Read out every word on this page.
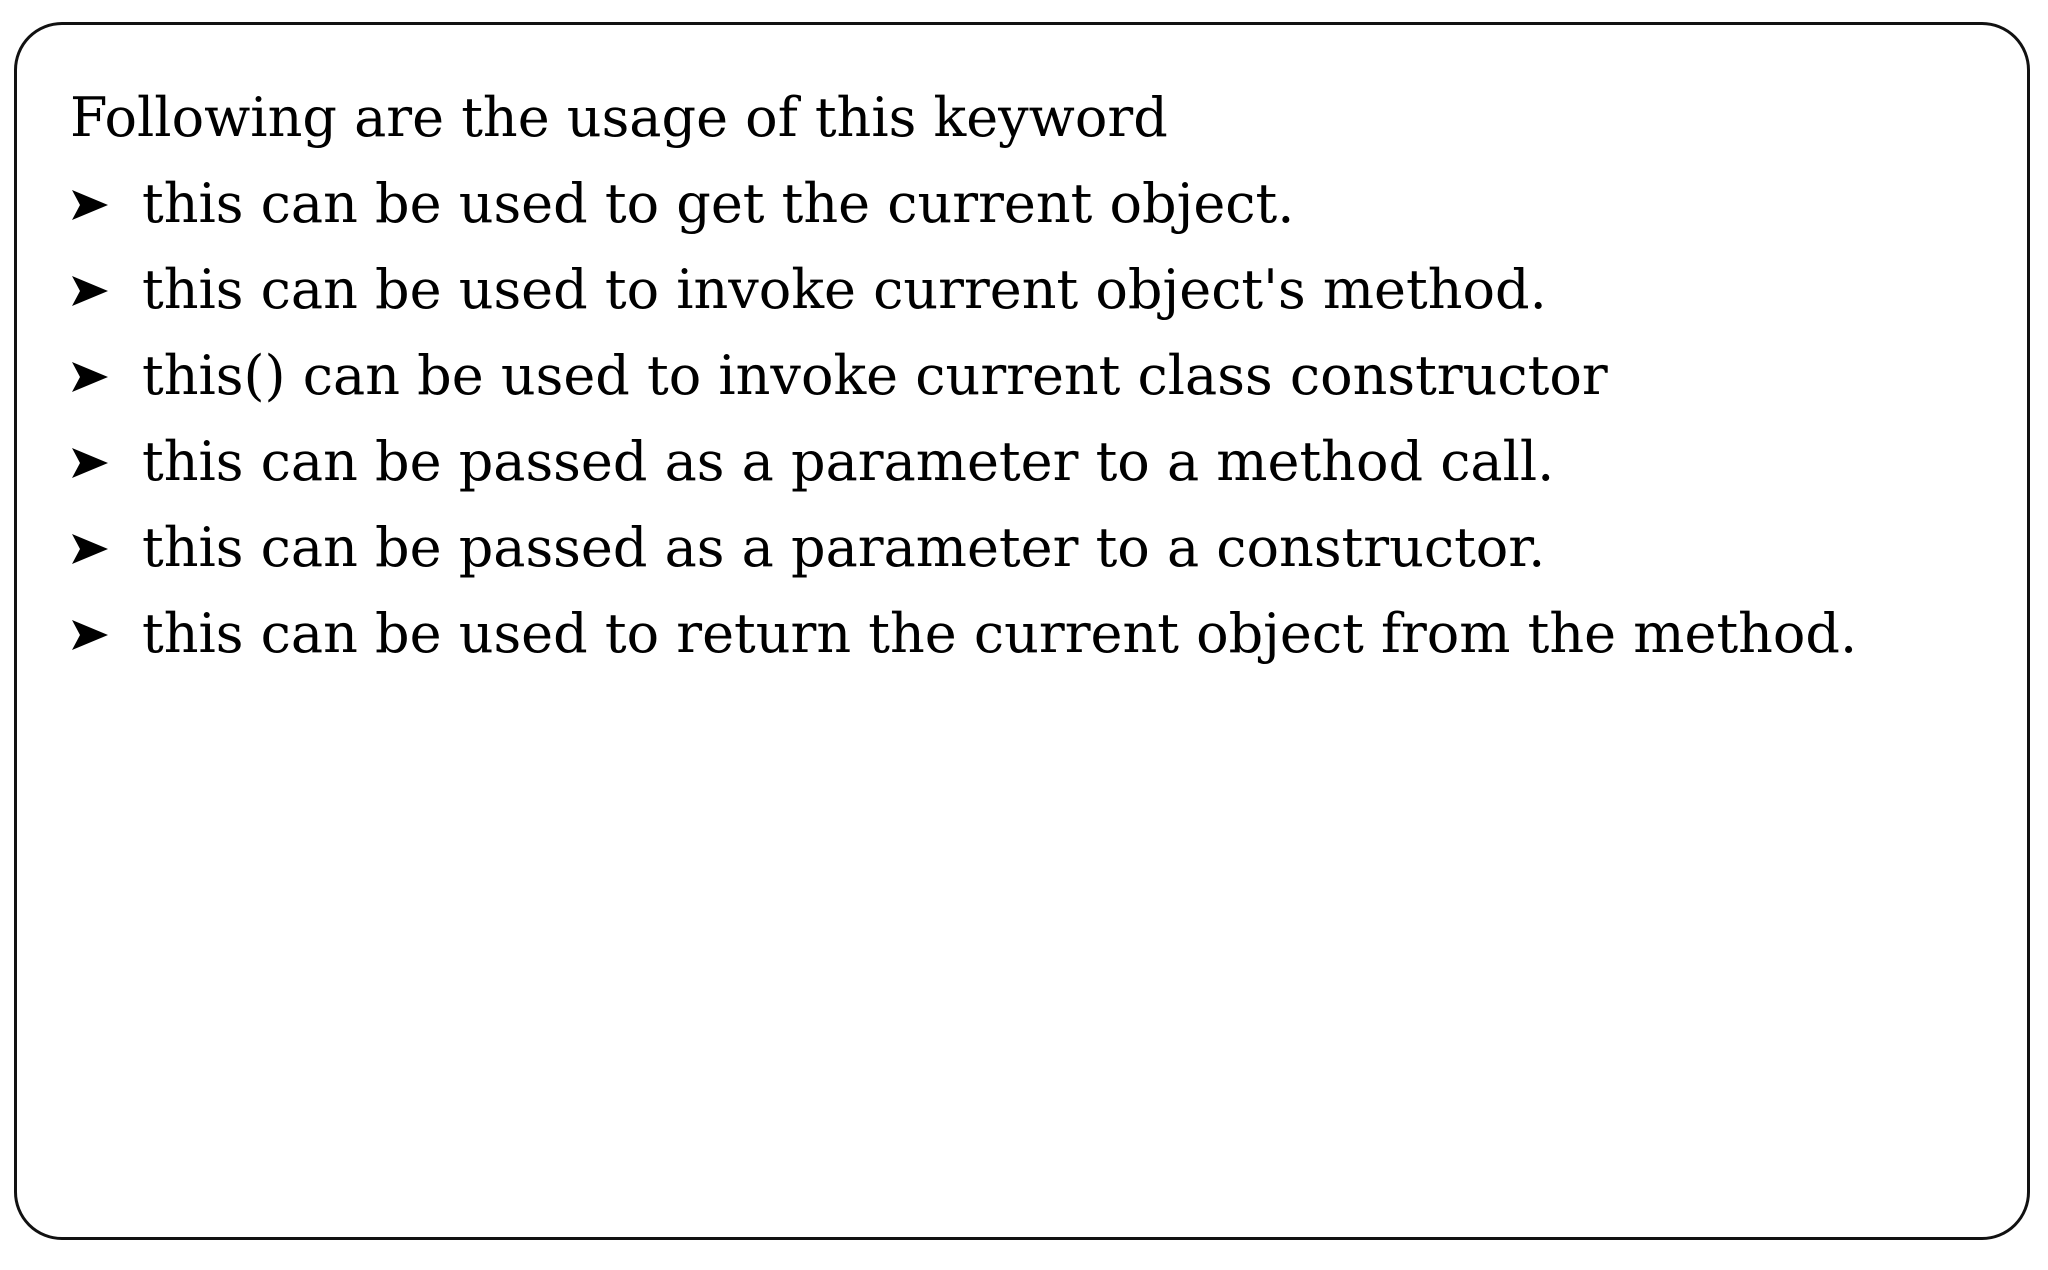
Following are the usage of this keyword

this can be used to get the current object.
this can be used to invoke current object's method.
this() can be used to invoke current class constructor
this can be passed as a parameter to a method call.
this can be passed as a parameter to a constructor.
this can be used to return the current object from the method.
